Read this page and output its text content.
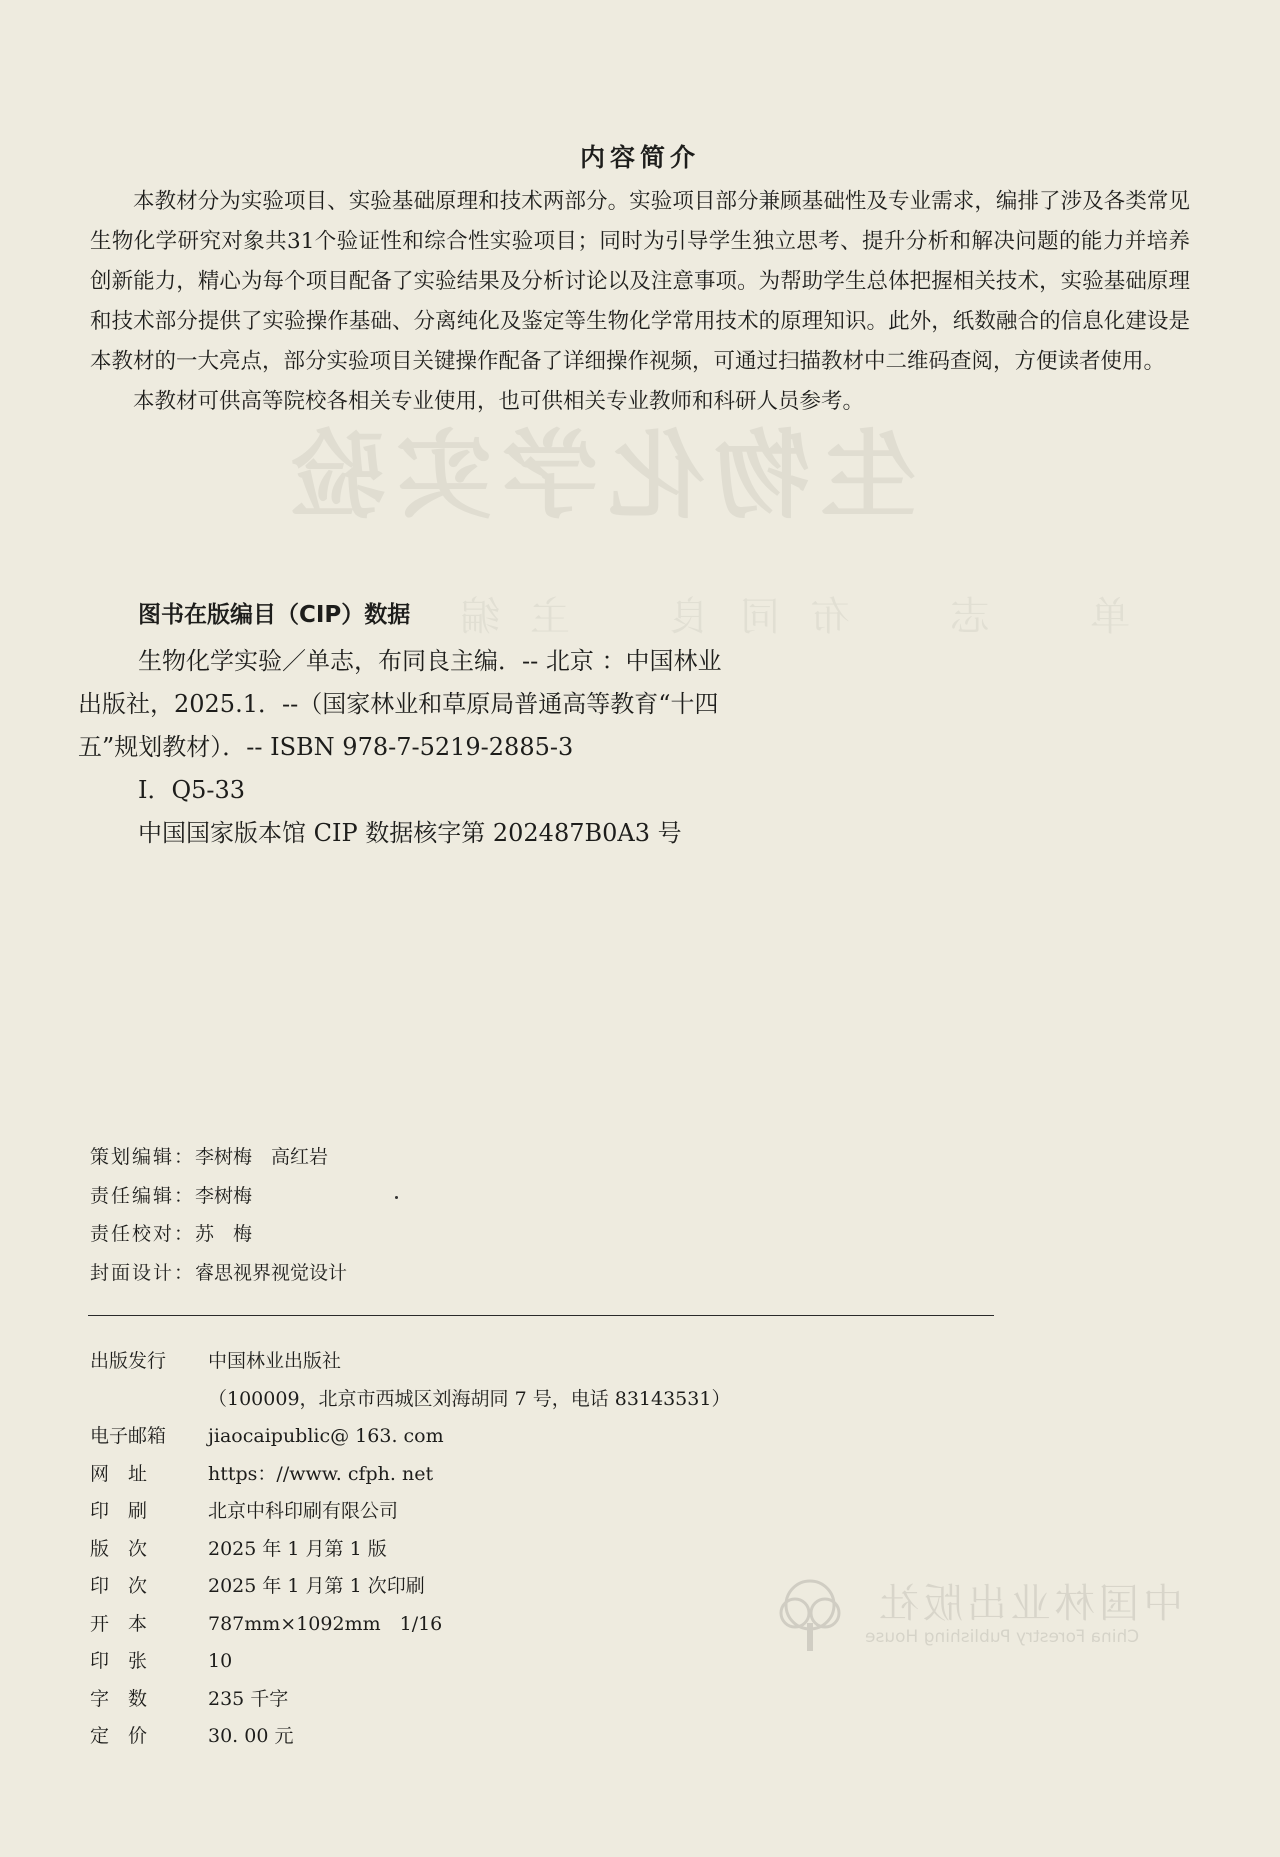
生物化学实验
单　志　布同良　主编
内容简介

本教材分为实验项目、实验基础原理和技术两部分。实验项目部分兼顾基础性及专业需求，编排了涉及各类常见生物化学研究对象共31个验证性和综合性实验项目；同时为引导学生独立思考、提升分析和解决问题的能力并培养创新能力，精心为每个项目配备了实验结果及分析讨论以及注意事项。为帮助学生总体把握相关技术，实验基础原理和技术部分提供了实验操作基础、分离纯化及鉴定等生物化学常用技术的原理知识。此外，纸数融合的信息化建设是本教材的一大亮点，部分实验项目关键操作配备了详细操作视频，可通过扫描教材中二维码查阅，方便读者使用。

本教材可供高等院校各相关专业使用，也可供相关专业教师和科研人员参考。

图书在版编目（CIP）数据
生物化学实验／单志，布同良主编．-- 北京 ：中国林业出版社，2025.1．--（国家林业和草原局普通高等教育“十四五”规划教材）．-- ISBN 978-7-5219-2885-3
Ⅰ．Q5-33
中国国家版本馆 CIP 数据核字第 202487B0A3 号
策划编辑： 李树梅　高红岩
责任编辑： 李树梅
责任校对： 苏　梅
封面设计： 睿思视界视觉设计
出版发行	中国林业出版社
（100009，北京市西城区刘海胡同 7 号，电话 83143531）
电子邮箱	jiaocaipublic@ 163. com
网　址	https：//www. cfph. net
印　刷	北京中科印刷有限公司
版　次	2025 年 1 月第 1 版
印　次	2025 年 1 月第 1 次印刷
开　本	787mm×1092mm　1/16
印　张	10
字　数	235 千字
定　价	30. 00 元
中国林业出版社
China Forestry Publishing House
